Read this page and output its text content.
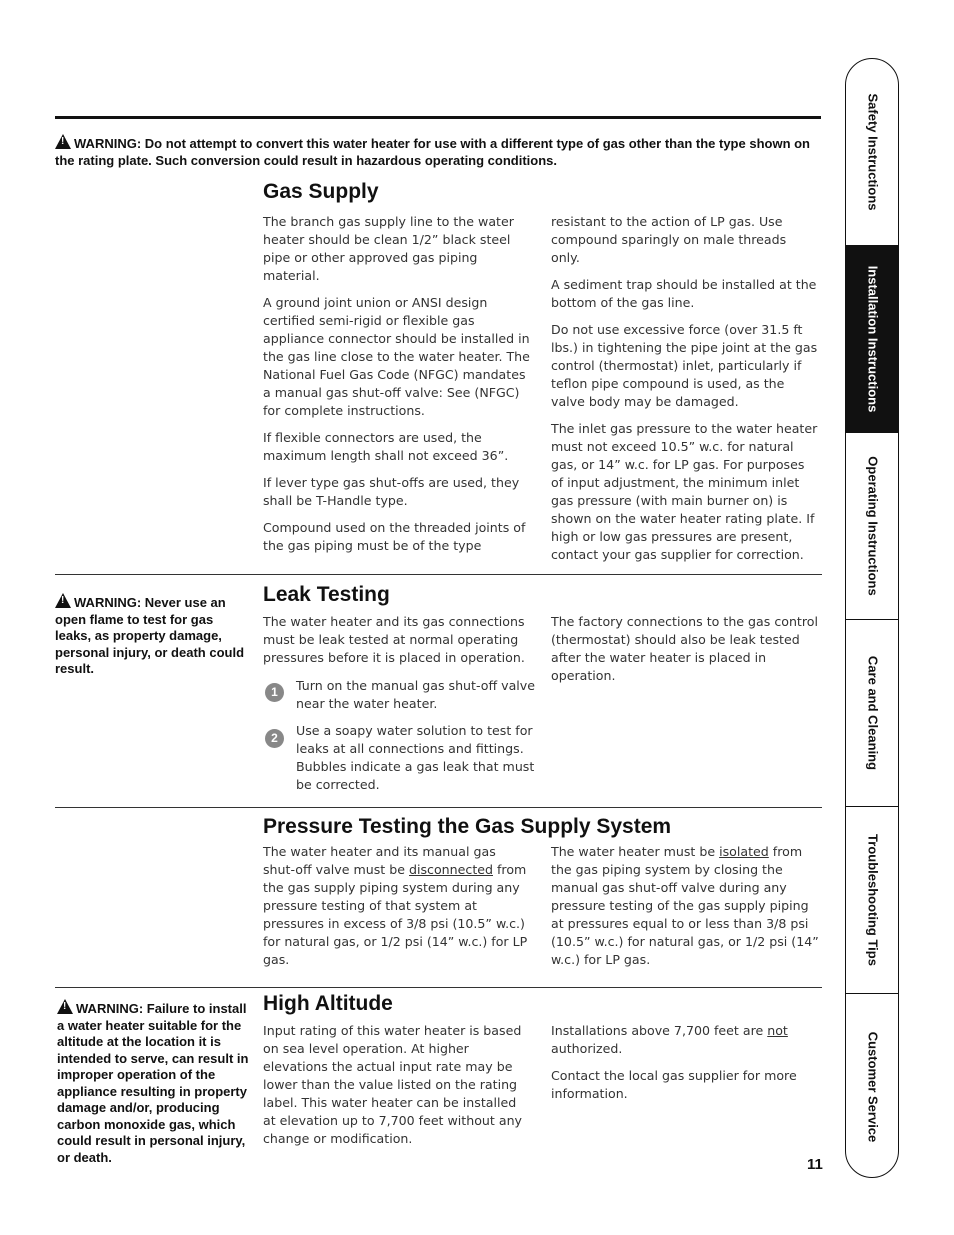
!WARNING: Do not attempt to convert this water heater for use with a different type of gas other than the type shown on the rating plate. Such conversion could result in hazardous operating conditions.
Gas Supply

The branch gas supply line to the water heater should be clean 1/2” black steel pipe or other approved gas piping material.

A ground joint union or ANSI design certified semi-rigid or flexible gas appliance connector should be installed in the gas line close to the water heater. The National Fuel Gas Code (NFGC) mandates a manual gas shut-off valve: See (NFGC) for complete instructions.

If flexible connectors are used, the maximum length shall not exceed 36”.

If lever type gas shut-offs are used, they shall be T-Handle type.

Compound used on the threaded joints of the gas piping must be of the type

resistant to the action of LP gas. Use compound sparingly on male threads only.

A sediment trap should be installed at the bottom of the gas line.

Do not use excessive force (over 31.5 ft lbs.) in tightening the pipe joint at the gas control (thermostat) inlet, particularly if teflon pipe compound is used, as the valve body may be damaged.

The inlet gas pressure to the water heater must not exceed 10.5” w.c. for natural gas, or 14” w.c. for LP gas. For purposes of input adjustment, the minimum inlet gas pressure (with main burner on) is shown on the water heater rating plate. If high or low gas pressures are present, contact your gas supplier for correction.

!WARNING: Never use an open flame to test for gas leaks, as property damage, personal injury, or death could result.
Leak Testing

The water heater and its gas connections must be leak tested at normal operating pressures before it is placed in operation.

1	Turn on the manual gas shut-off valve near the water heater.
2	Use a soapy water solution to test for leaks at all connections and fittings. Bubbles indicate a gas leak that must be corrected.

The factory connections to the gas control (thermostat) should also be leak tested after the water heater is placed in operation.

Pressure Testing the Gas Supply System

The water heater and its manual gas shut-off valve must be disconnected from the gas supply piping system during any pressure testing of that system at pressures in excess of 3/8 psi (10.5” w.c.) for natural gas, or 1/2 psi (14” w.c.) for LP gas.

The water heater must be isolated from the gas piping system by closing the manual gas shut-off valve during any pressure testing of the gas supply piping at pressures equal to or less than 3/8 psi (10.5” w.c.) for natural gas, or 1/2 psi (14” w.c.) for LP gas.

!WARNING: Failure to install a water heater suitable for the altitude at the location it is intended to serve, can result in improper operation of the appliance resulting in property damage and/or, producing carbon monoxide gas, which could result in personal injury, or death.
High Altitude

Input rating of this water heater is based on sea level operation. At higher elevations the actual input rate may be lower than the value listed on the rating label. This water heater can be installed at elevation up to 7,700 feet without any change or modification.

Installations above 7,700 feet are not authorized.

Contact the local gas supplier for more information.

11
Safety Instructions
Installation Instructions
Operating Instructions
Care and Cleaning
Troubleshooting Tips
Customer Service
